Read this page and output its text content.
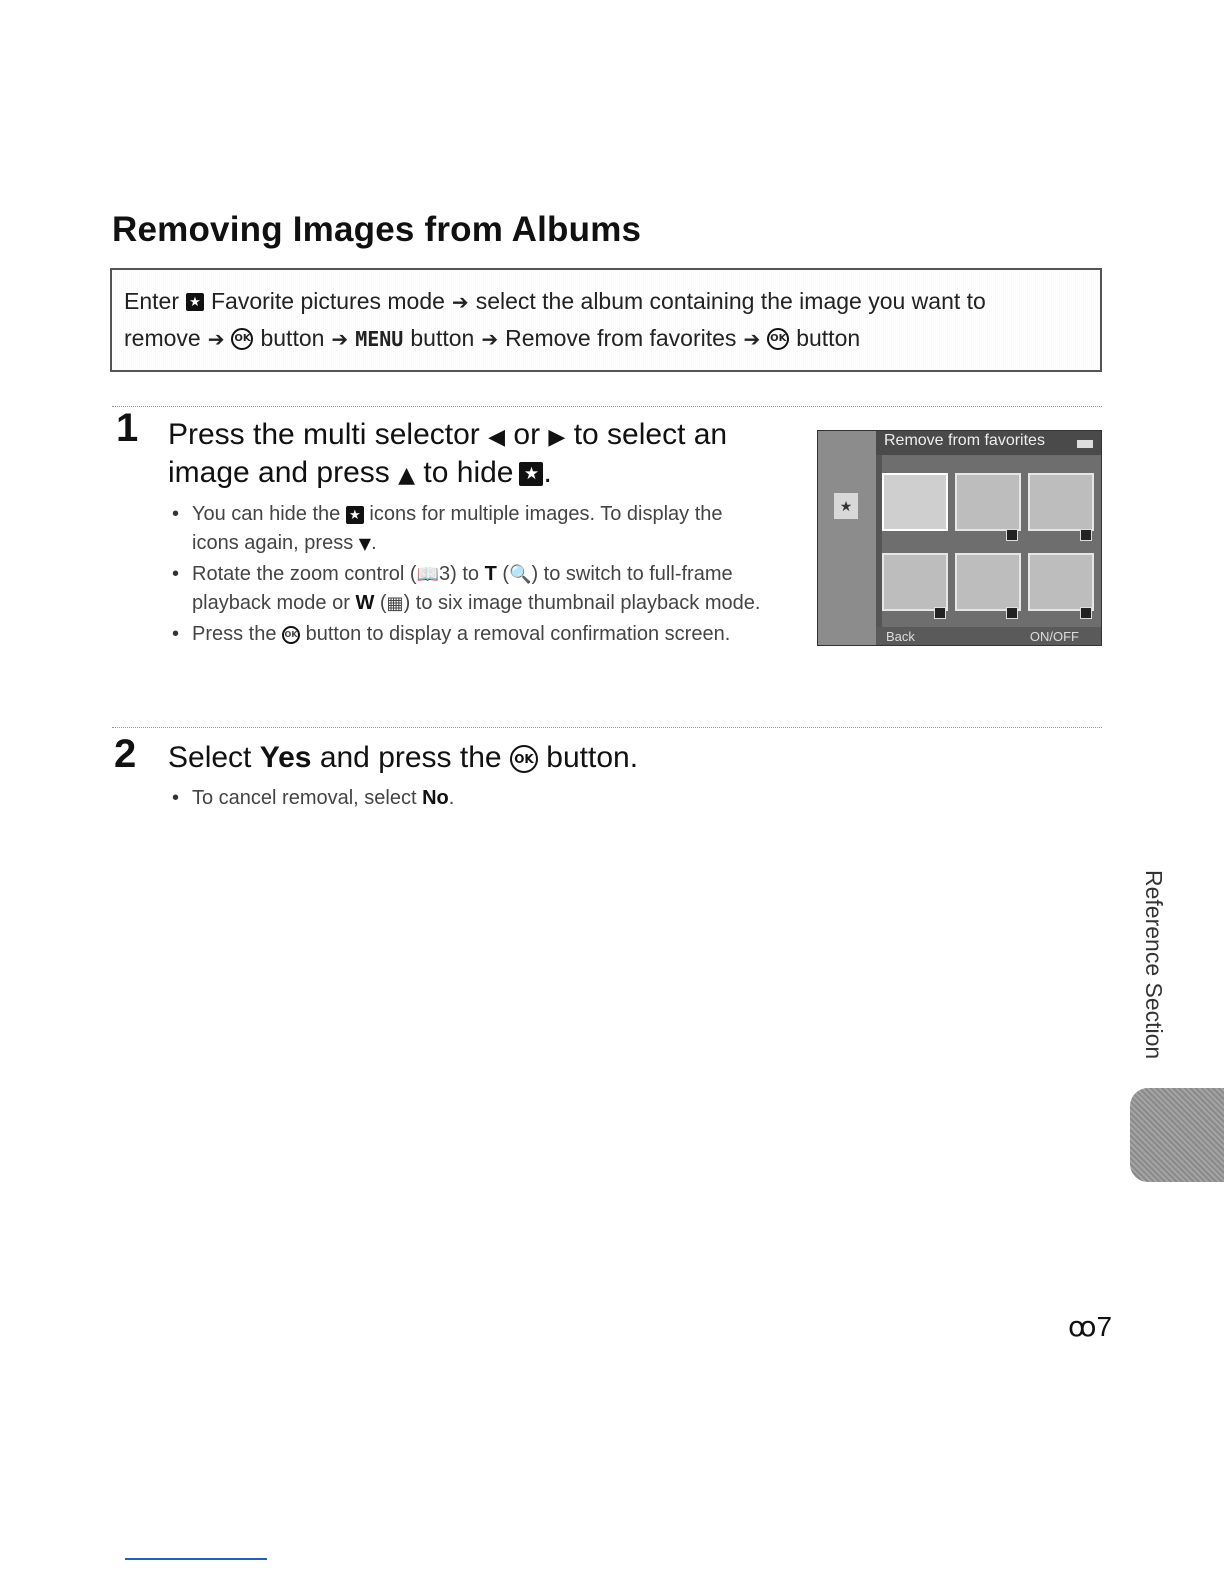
Removing Images from Albums
Enter ★ Favorite pictures mode ➔ select the album containing the image you want to
remove ➔ OK button ➔ MENU button ➔ Remove from favorites ➔ OK button
1 Press the multi selector ◀ or ▶ to select an
image and press ▲ to hide ★ .
• You can hide the ★ icons for multiple images. To display the icons again, press ▼.
• Rotate the zoom control (📖3) to T (🔍) to switch to full-frame playback mode or W (▦) to six image thumbnail playback mode.
• Press the OK button to display a removal confirmation screen.
★
Remove from favorites
Back	ON/OFF
2 Select Yes and press the OK button.
• To cancel removal, select No.
Reference Section
ꝏ7
